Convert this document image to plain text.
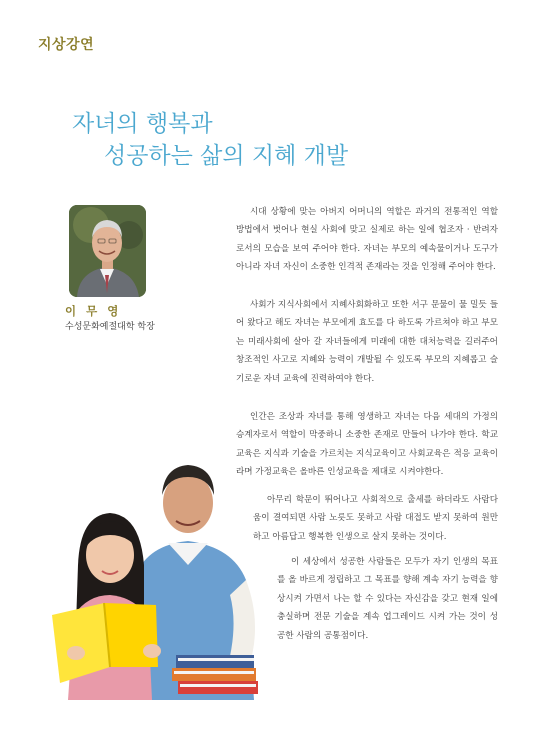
지상강연
자녀의 행복과
성공하는 삶의 지혜 개발
이 무 영
수성문화예절대학 학장

시대 상황에 맞는 아버지 어머니의 역할은 과거의 전통적인 역할 방법에서 벗어나 현실 사회에 맞고 실제로 하는 일에 협조자 · 반려자로서의 모습을 보여 주어야 한다. 자녀는 부모의 예속물이거나 도구가 아니라 자녀 자신이 소중한 인격적 존재라는 것을 인정해 주어야 한다.

사회가 지식사회에서 지혜사회화하고 또한 서구 문물이 물 밀듯 들어 왔다고 해도 자녀는 부모에게 효도를 다 하도록 가르쳐야 하고 부모는 미래사회에 살아 갈 자녀들에게 미래에 대한 대처능력을 길러주어 창조적인 사고로 지혜와 능력이 개발될 수 있도록 부모의 지혜롭고 슬기로운 자녀 교육에 진력하여야 한다.

인간은 조상과 자녀를 통해 영생하고 자녀는 다음 세대의 가정의 승계자로서 역할이 막중하니 소중한 존재로 만들어 나가야 한다. 학교교육은 지식과 기술을 가르치는 지식교육이고 사회교육은 적응 교육이라며 가정교육은 올바른 인성교육을 제대로 시켜야한다.

아무리 학문이 뛰어나고 사회적으로 출세를 하더라도 사람다움이 결여되면 사람 노릇도 못하고 사람 대접도 받지 못하여 원만하고 아름답고 행복한 인생으로 살지 못하는 것이다.

이 세상에서 성공한 사람들은 모두가 자기 인생의 목표를 올 바르게 정립하고 그 목표를 향해 계속 자기 능력을 향상시켜 가면서 나는 할 수 있다는 자신감을 갖고 현재 일에 충실하며 전문 기술을 계속 업그레이드 시켜 가는 것이 성공한 사람의 공통점이다.
